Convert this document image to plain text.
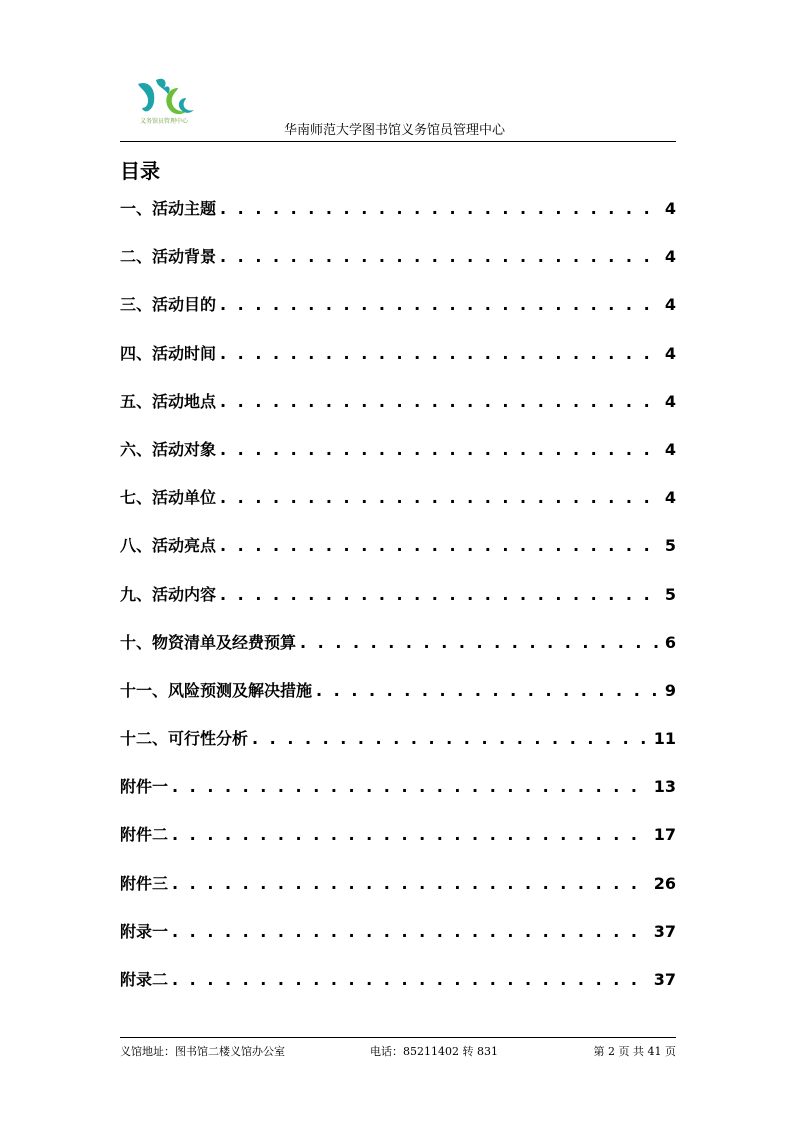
义务馆员管理中心
华南师范大学图书馆义务馆员管理中心
目录
一、活动主题 . . .	4
二、活动背景 . . .	4
三、活动目的 . . .	4
四、活动时间 . . .	4
五、活动地点 . . .	4
六、活动对象 . . .	4
七、活动单位 . . .	4
八、活动亮点 . . .	5
九、活动内容 . . .	5
十、物资清单及经费预算 . . .	6
十一、风险预测及解决措施 . . .	9
十二、可行性分析 . . .	11
附件一 . . .	13
附件二 . . .	17
附件三 . . .	26
附录一 . . .	37
附录二 . . .	37
义馆地址：图书馆二楼义馆办公室	电话：85211402 转 831	第 2 页 共 41 页
